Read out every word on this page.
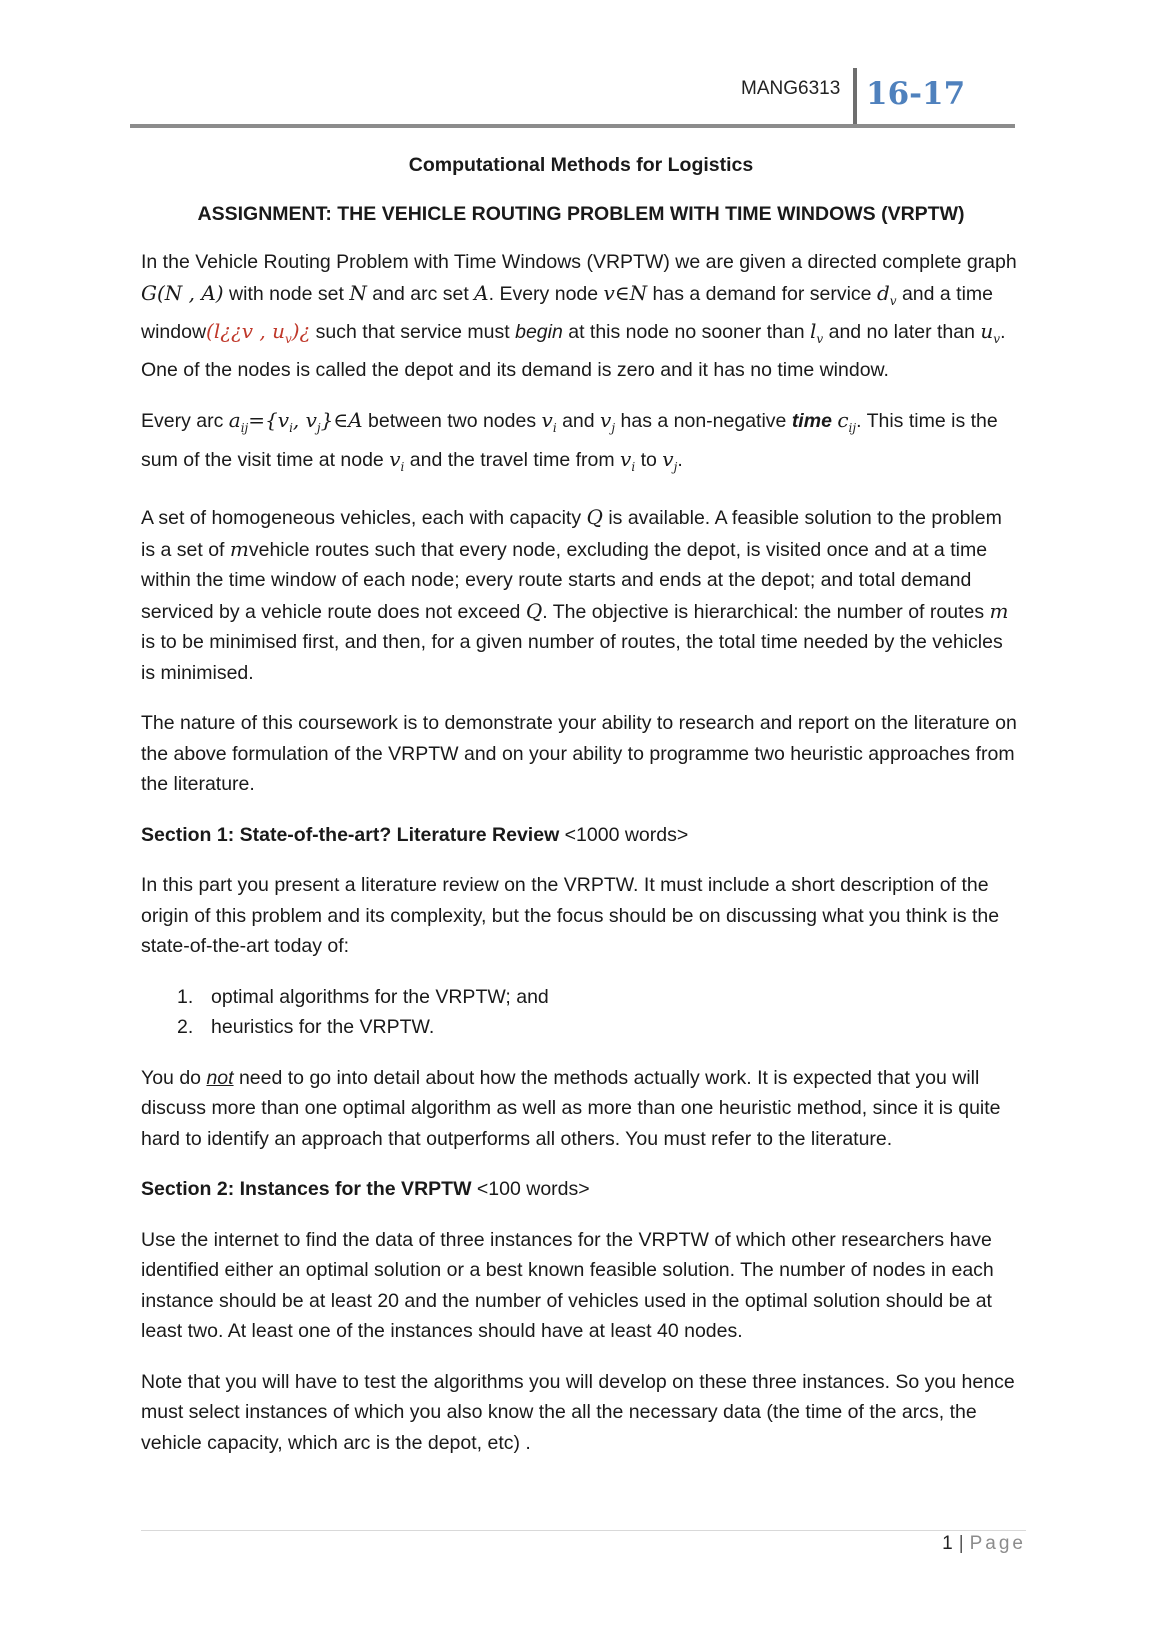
MANG6313 16-17
Computational Methods for Logistics
ASSIGNMENT: THE VEHICLE ROUTING PROBLEM WITH TIME WINDOWS (VRPTW)

In the Vehicle Routing Problem with Time Windows (VRPTW) we are given a directed complete graph G(N , A) with node set N and arc set A. Every node v∈N has a demand for service $d_v$ and a time window(l¿¿v , $u_v)¿$ such that service must begin at this node no sooner than $l_v$ and no later than $u_v$. One of the nodes is called the depot and its demand is zero and it has no time window.

Every arc $a_{ij}=\{v_i$, $v_j\}\in A$ between two nodes $v_i$ and $v_j$ has a non-negative time $c_{ij}$. This time is the sum of the visit time at node $v_i$ and the travel time from $v_i$ to $v_j$.

A set of homogeneous vehicles, each with capacity Q is available. A feasible solution to the problem is a set of mvehicle routes such that every node, excluding the depot, is visited once and at a time within the time window of each node; every route starts and ends at the depot; and total demand serviced by a vehicle route does not exceed Q. The objective is hierarchical: the number of routes m is to be minimised first, and then, for a given number of routes, the total time needed by the vehicles is minimised.

The nature of this coursework is to demonstrate your ability to research and report on the literature on the above formulation of the VRPTW and on your ability to programme two heuristic approaches from the literature.

Section 1: State-of-the-art? Literature Review <1000 words>

In this part you present a literature review on the VRPTW. It must include a short description of the origin of this problem and its complexity, but the focus should be on discussing what you think is the state-of-the-art today of:

1. optimal algorithms for the VRPTW; and
2. heuristics for the VRPTW.

You do not need to go into detail about how the methods actually work. It is expected that you will discuss more than one optimal algorithm as well as more than one heuristic method, since it is quite hard to identify an approach that outperforms all others. You must refer to the literature.

Section 2: Instances for the VRPTW <100 words>

Use the internet to find the data of three instances for the VRPTW of which other researchers have identified either an optimal solution or a best known feasible solution. The number of nodes in each instance should be at least 20 and the number of vehicles used in the optimal solution should be at least two. At least one of the instances should have at least 40 nodes.

Note that you will have to test the algorithms you will develop on these three instances. So you hence must select instances of which you also know the all the necessary data (the time of the arcs, the vehicle capacity, which arc is the depot, etc) .

1 | Page
